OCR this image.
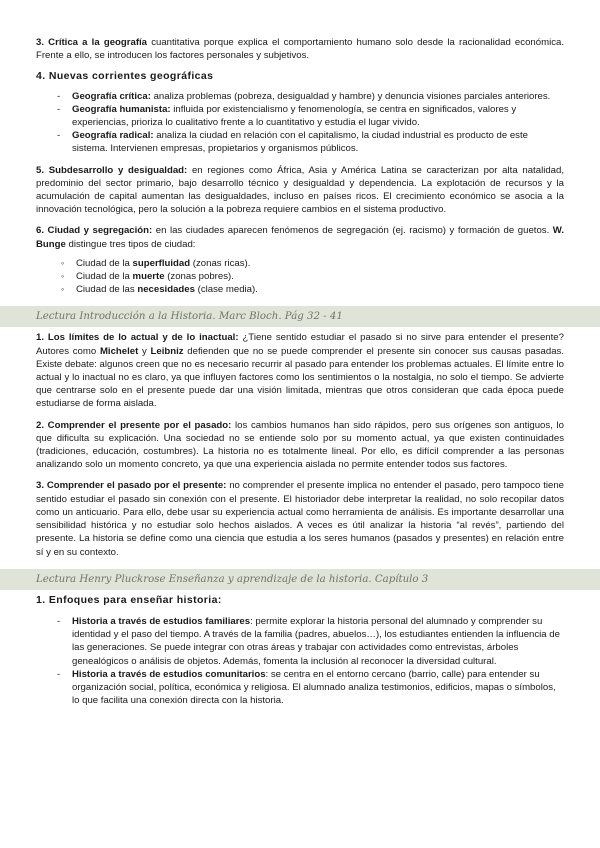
3. Crítica a la geografía cuantitativa porque explica el comportamiento humano solo desde la racionalidad económica. Frente a ello, se introducen los factores personales y subjetivos.

4. Nuevas corrientes geográficas
- Geografía crítica: analiza problemas (pobreza, desigualdad y hambre) y denuncia visiones parciales anteriores.
- Geografía humanista: influida por existencialismo y fenomenología, se centra en significados, valores y experiencias, prioriza lo cualitativo frente a lo cuantitativo y estudia el lugar vivido.
- Geografía radical: analiza la ciudad en relación con el capitalismo, la ciudad industrial es producto de este sistema. Intervienen empresas, propietarios y organismos públicos.

5. Subdesarrollo y desigualdad: en regiones como África, Asia y América Latina se caracterizan por alta natalidad, predominio del sector primario, bajo desarrollo técnico y desigualdad y dependencia. La explotación de recursos y la acumulación de capital aumentan las desigualdades, incluso en países ricos. El crecimiento económico se asocia a la innovación tecnológica, pero la solución a la pobreza requiere cambios en el sistema productivo.

6. Ciudad y segregación: en las ciudades aparecen fenómenos de segregación (ej. racismo) y formación de guetos. W. Bunge distingue tres tipos de ciudad:

◦ Ciudad de la superfluidad (zonas ricas).
◦ Ciudad de la muerte (zonas pobres).
◦ Ciudad de las necesidades (clase media).
Lectura Introducción a la Historia. Marc Bloch. Pág 32 - 41

1. Los límites de lo actual y de lo inactual: ¿Tiene sentido estudiar el pasado si no sirve para entender el presente? Autores como Michelet y Leibniz defienden que no se puede comprender el presente sin conocer sus causas pasadas. Existe debate: algunos creen que no es necesario recurrir al pasado para entender los problemas actuales. El límite entre lo actual y lo inactual no es claro, ya que influyen factores como los sentimientos o la nostalgia, no solo el tiempo. Se advierte que centrarse solo en el presente puede dar una visión limitada, mientras que otros consideran que cada época puede estudiarse de forma aislada.

2. Comprender el presente por el pasado: los cambios humanos han sido rápidos, pero sus orígenes son antiguos, lo que dificulta su explicación. Una sociedad no se entiende solo por su momento actual, ya que existen continuidades (tradiciones, educación, costumbres). La historia no es totalmente lineal. Por ello, es difícil comprender a las personas analizando solo un momento concreto, ya que una experiencia aislada no permite entender todos sus factores.

3. Comprender el pasado por el presente: no comprender el presente implica no entender el pasado, pero tampoco tiene sentido estudiar el pasado sin conexión con el presente. El historiador debe interpretar la realidad, no solo recopilar datos como un anticuario. Para ello, debe usar su experiencia actual como herramienta de análisis. Es importante desarrollar una sensibilidad histórica y no estudiar solo hechos aislados. A veces es útil analizar la historia “al revés”, partiendo del presente. La historia se define como una ciencia que estudia a los seres humanos (pasados y presentes) en relación entre sí y en su contexto.

Lectura Henry Pluckrose Enseñanza y aprendizaje de la historia. Capítulo 3
1. Enfoques para enseñar historia:
- Historia a través de estudios familiares: permite explorar la historia personal del alumnado y comprender su identidad y el paso del tiempo. A través de la familia (padres, abuelos…), los estudiantes entienden la influencia de las generaciones. Se puede integrar con otras áreas y trabajar con actividades como entrevistas, árboles genealógicos o análisis de objetos. Además, fomenta la inclusión al reconocer la diversidad cultural.
- Historia a través de estudios comunitarios: se centra en el entorno cercano (barrio, calle) para entender su organización social, política, económica y religiosa. El alumnado analiza testimonios, edificios, mapas o símbolos, lo que facilita una conexión directa con la historia.
